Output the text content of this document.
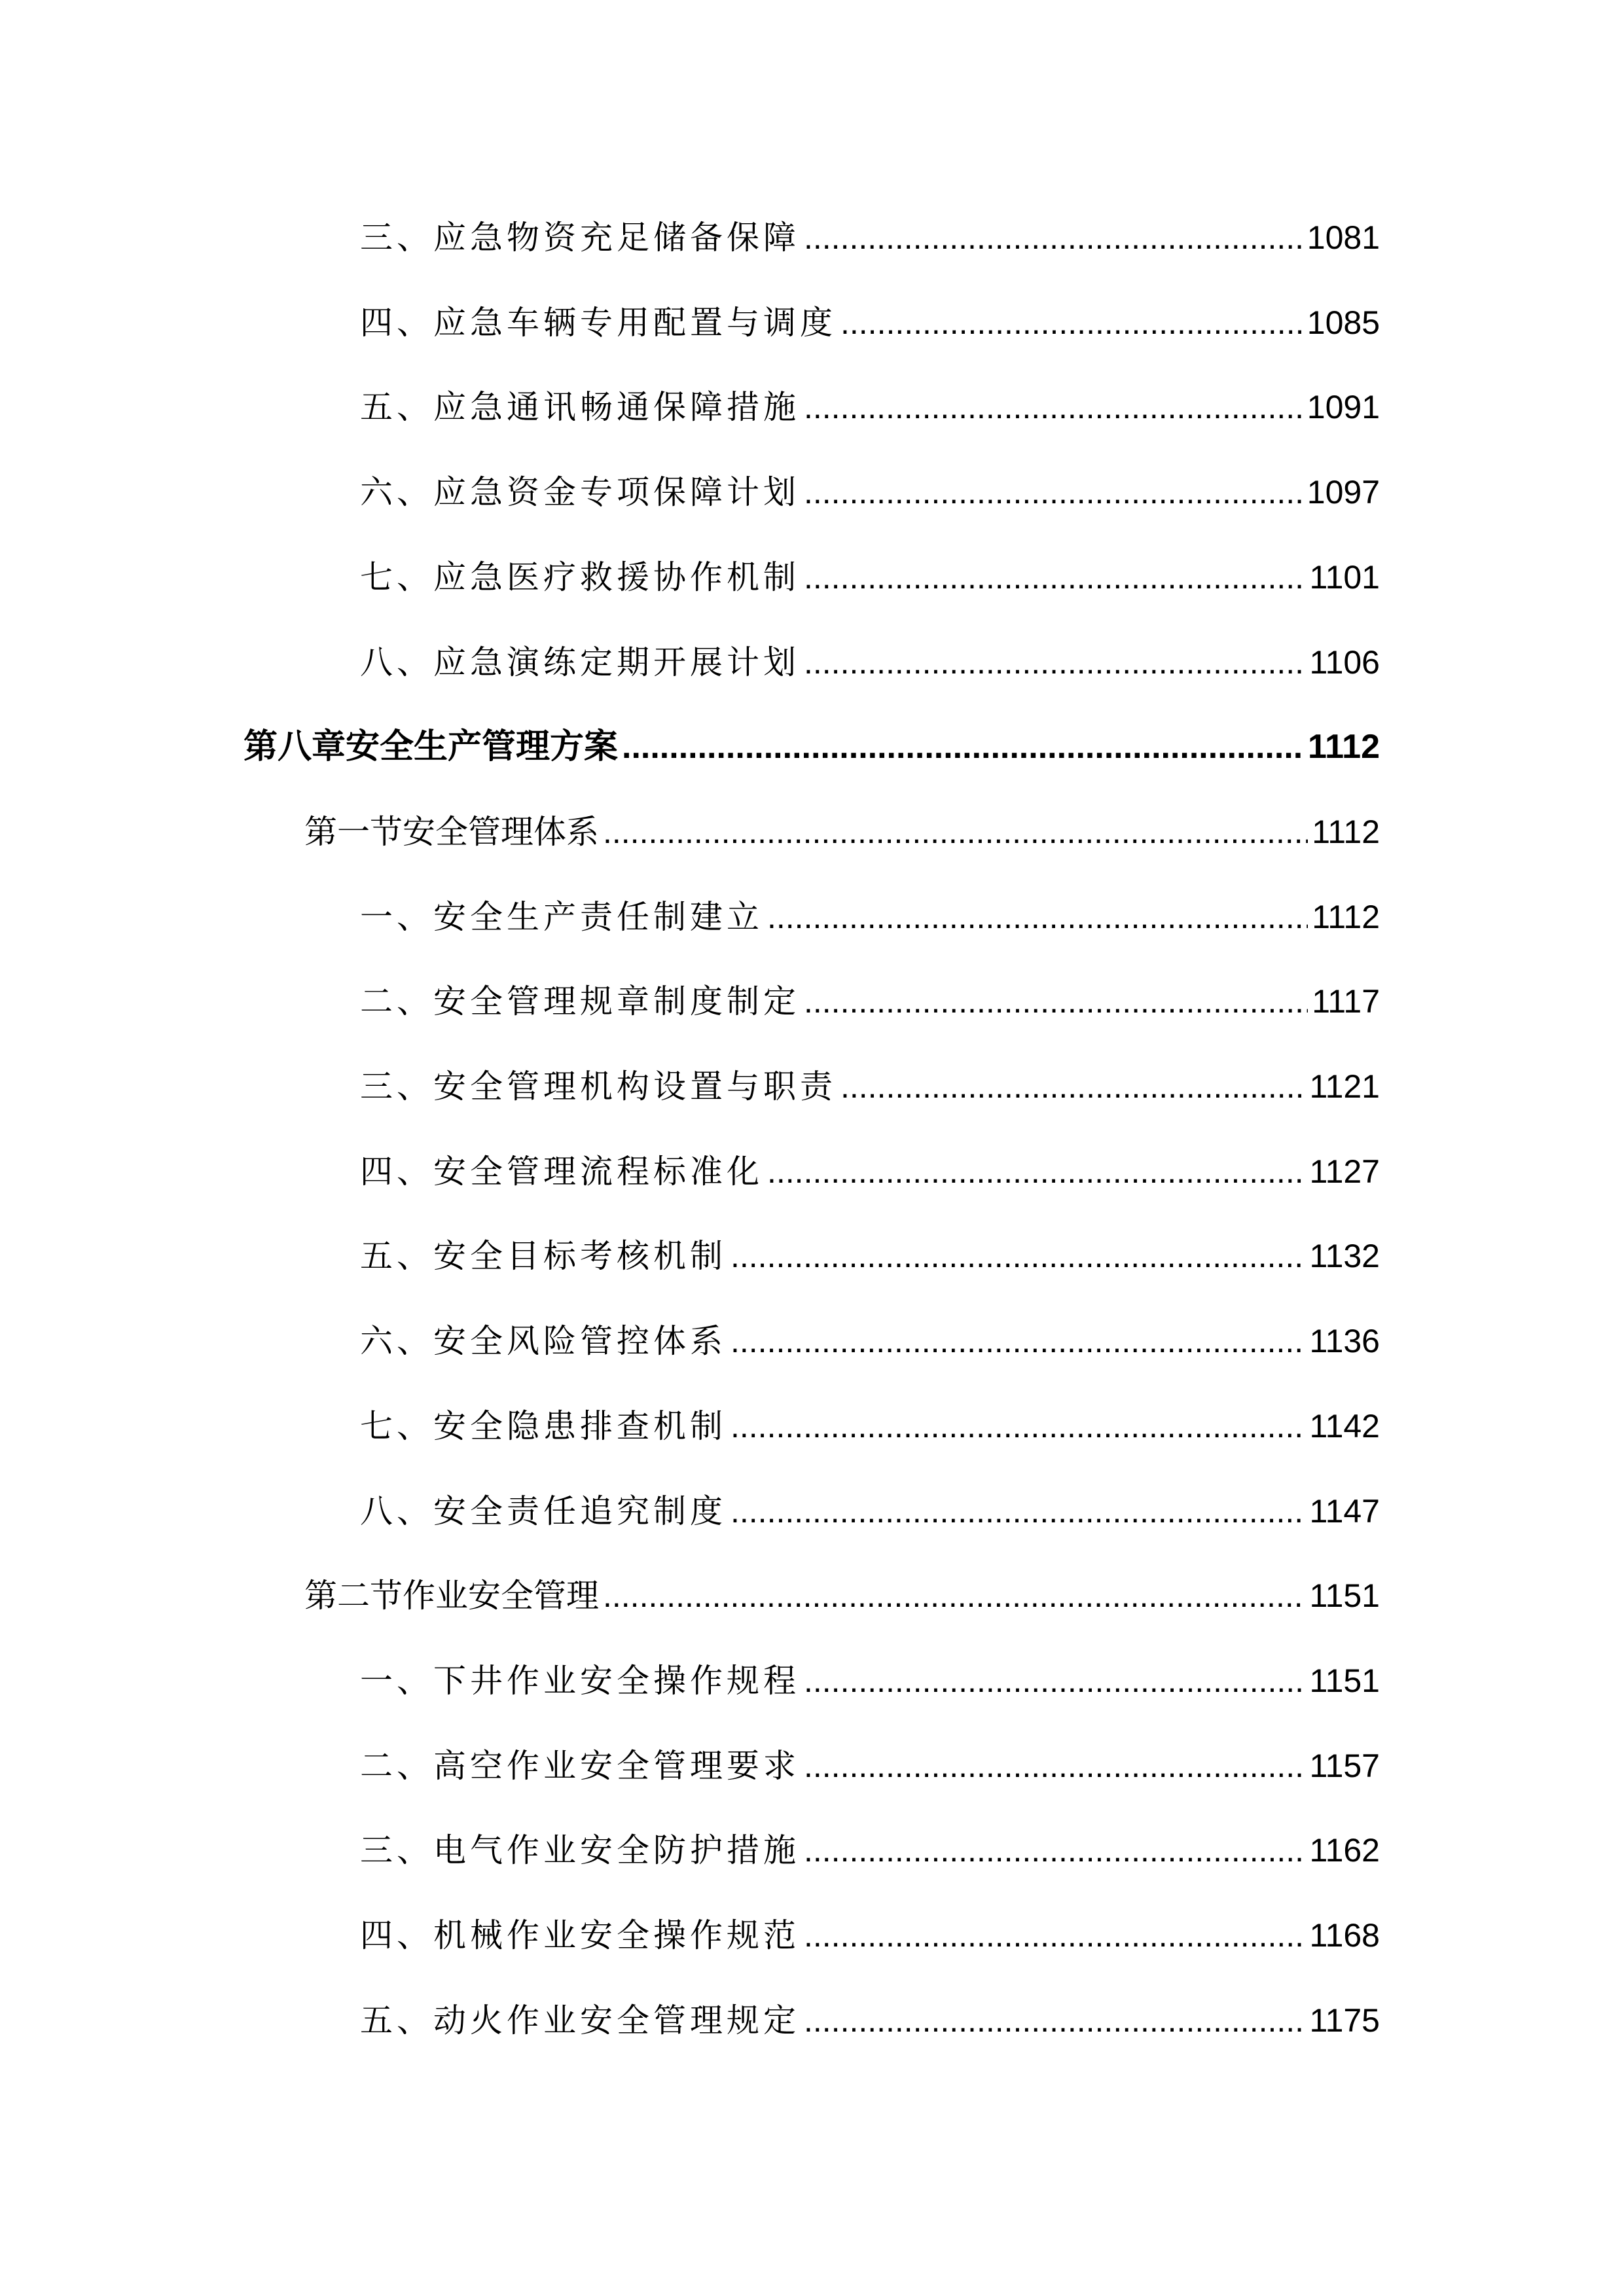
三、应急物资充足储备保障 .....	1081
四、应急车辆专用配置与调度 .....	1085
五、应急通讯畅通保障措施 .....	1091
六、应急资金专项保障计划 .....	1097
七、应急医疗救援协作机制 .....	1101
八、应急演练定期开展计划 .....	1106
第八章安全生产管理方案 .....	1112
第一节安全管理体系 .....	1112
一、安全生产责任制建立 .....	1112
二、安全管理规章制度制定 .....	1117
三、安全管理机构设置与职责 .....	1121
四、安全管理流程标准化 .....	1127
五、安全目标考核机制 .....	1132
六、安全风险管控体系 .....	1136
七、安全隐患排查机制 .....	1142
八、安全责任追究制度 .....	1147
第二节作业安全管理 .....	1151
一、下井作业安全操作规程 .....	1151
二、高空作业安全管理要求 .....	1157
三、电气作业安全防护措施 .....	1162
四、机械作业安全操作规范 .....	1168
五、动火作业安全管理规定 .....	1175
